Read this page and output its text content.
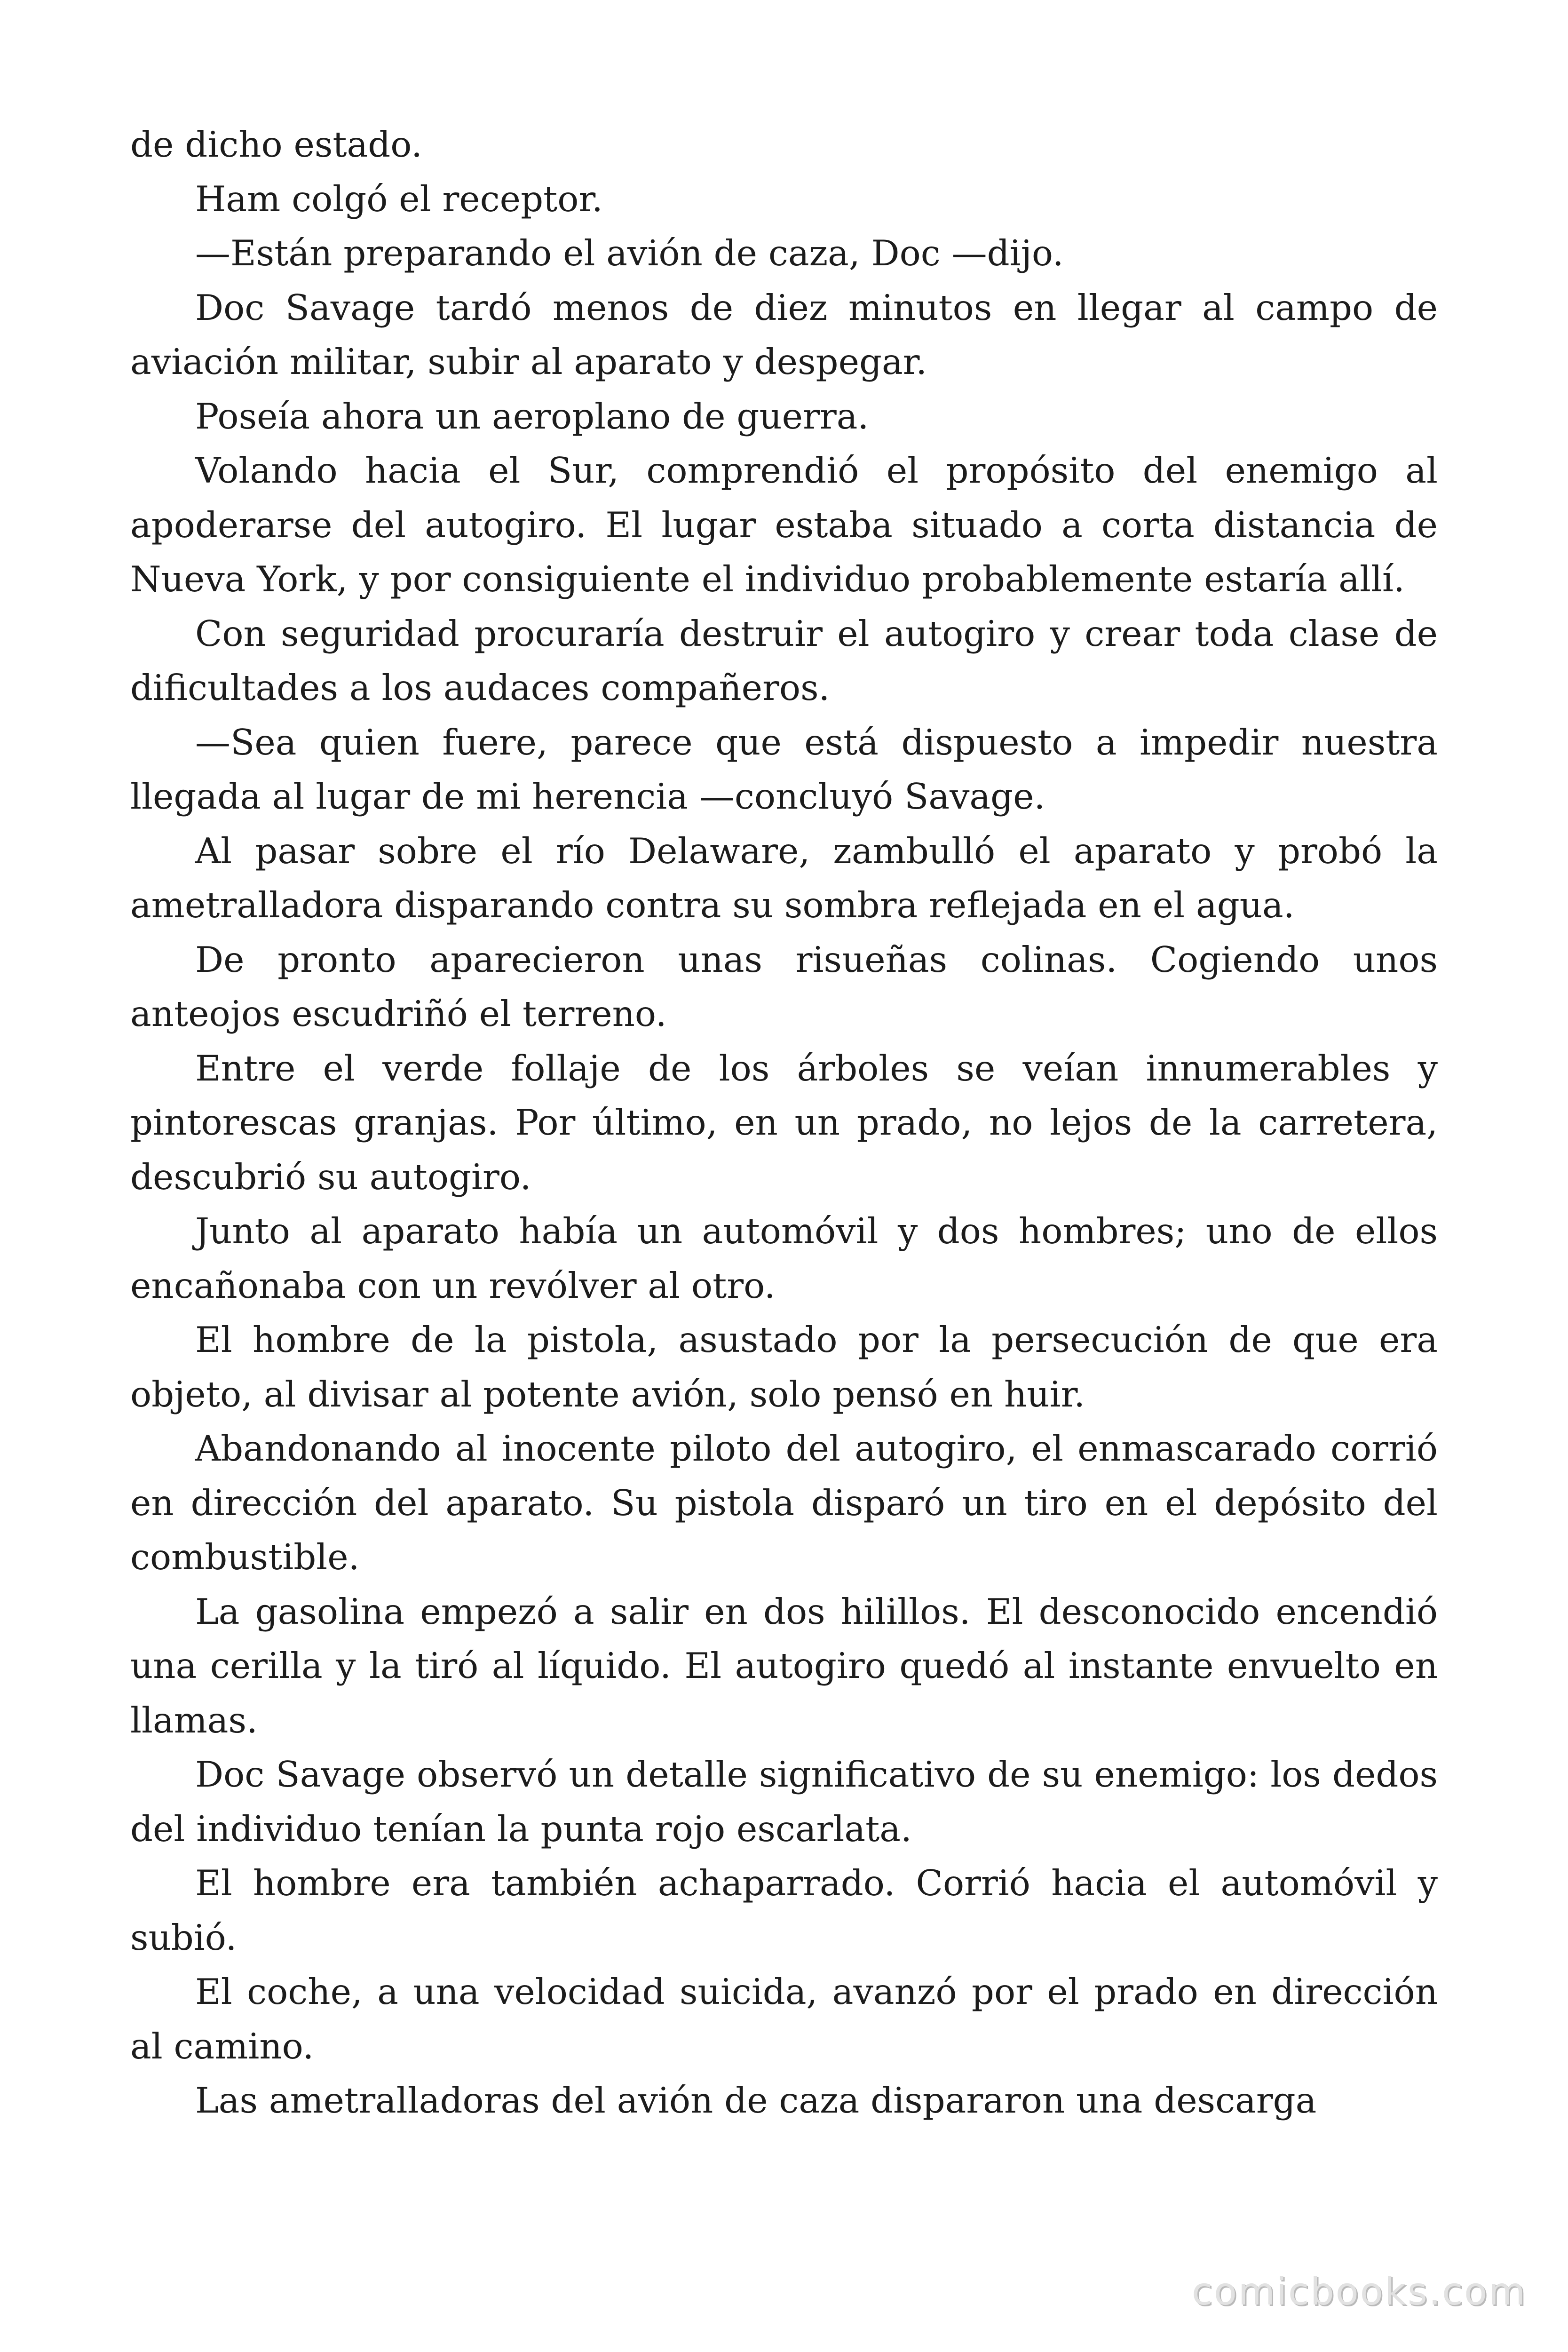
de dicho estado.

Ham colgó el receptor.

—Están preparando el avión de caza, Doc —dijo.

Doc Savage tardó menos de diez minutos en llegar al campo de aviación militar, subir al aparato y despegar.

Poseía ahora un aeroplano de guerra.

Volando hacia el Sur, comprendió el propósito del enemigo al apoderarse del autogiro. El lugar estaba situado a corta distancia de Nueva York, y por consiguiente el individuo probablemente estaría allí.

Con seguridad procuraría destruir el autogiro y crear toda clase de dificultades a los audaces compañeros.

—Sea quien fuere, parece que está dispuesto a impedir nuestra llegada al lugar de mi herencia —concluyó Savage.

Al pasar sobre el río Delaware, zambulló el aparato y probó la ametralladora disparando contra su sombra reflejada en el agua.

De pronto aparecieron unas risueñas colinas. Cogiendo unos anteojos escudriñó el terreno.

Entre el verde follaje de los árboles se veían innumerables y pintorescas granjas. Por último, en un prado, no lejos de la carretera, descubrió su autogiro.

Junto al aparato había un automóvil y dos hombres; uno de ellos encañonaba con un revólver al otro.

El hombre de la pistola, asustado por la persecución de que era objeto, al divisar al potente avión, solo pensó en huir.

Abandonando al inocente piloto del autogiro, el enmascarado corrió en dirección del aparato. Su pistola disparó un tiro en el depósito del combustible.

La gasolina empezó a salir en dos hilillos. El desconocido encendió una cerilla y la tiró al líquido. El autogiro quedó al instante envuelto en llamas.

Doc Savage observó un detalle significativo de su enemigo: los dedos del individuo tenían la punta rojo escarlata.

El hombre era también achaparrado. Corrió hacia el automóvil y subió.

El coche, a una velocidad suicida, avanzó por el prado en dirección al camino.

Las ametralladoras del avión de caza dispararon una descarga

comicbooks.com
